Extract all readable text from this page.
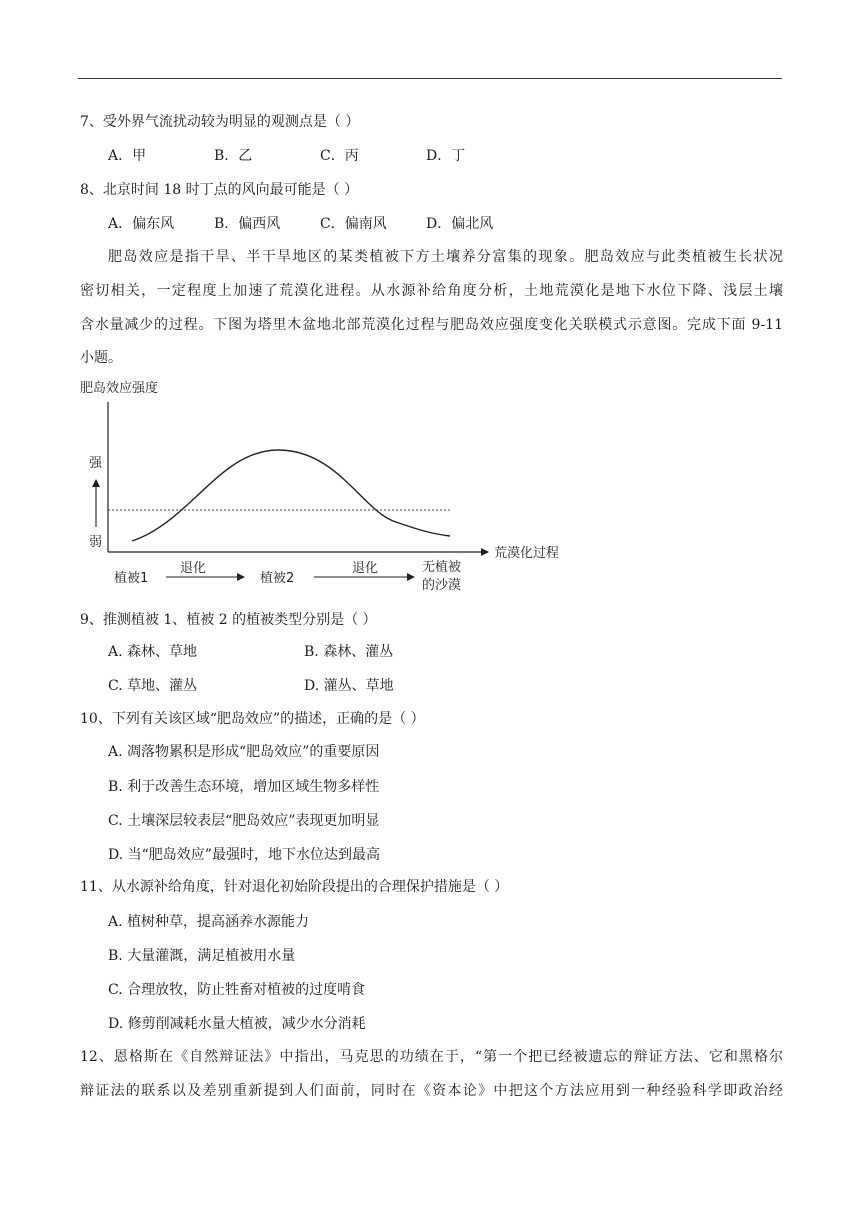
7、受外界气流扰动较为明显的观测点是（ ）
A．甲	B．乙	C．丙	D．丁
8、北京时间 18 时丁点的风向最可能是（ ）
A．偏东风	B．偏西风	C．偏南风	D．偏北风
肥岛效应是指干旱、半干旱地区的某类植被下方土壤养分富集的现象。肥岛效应与此类植被生长状况
密切相关，一定程度上加速了荒漠化进程。从水源补给角度分析，土地荒漠化是地下水位下降、浅层土壤
含水量减少的过程。下图为塔里木盆地北部荒漠化过程与肥岛效应强度变化关联模式示意图。完成下面 9-11
小题。
肥岛效应强度
强
弱
荒漠化过程
植被1
退化
植被2
退化	无植被
的沙漠
9、推测植被 1、植被 2 的植被类型分别是（ ）
A. 森林、草地	B. 森林、灌丛
C. 草地、灌丛	D. 灌丛、草地
10、下列有关该区域“肥岛效应”的描述，正确的是（ ）
A. 凋落物累积是形成“肥岛效应”的重要原因
B. 利于改善生态环境，增加区域生物多样性
C. 土壤深层较表层“肥岛效应”表现更加明显
D. 当“肥岛效应”最强时，地下水位达到最高
11、从水源补给角度，针对退化初始阶段提出的合理保护措施是（ ）
A. 植树种草，提高涵养水源能力
B. 大量灌溉，满足植被用水量
C. 合理放牧，防止牲畜对植被的过度啃食
D. 修剪削减耗水量大植被，减少水分消耗
12、恩格斯在《自然辩证法》中指出，马克思的功绩在于，“第一个把已经被遗忘的辩证方法、它和黑格尔
辩证法的联系以及差别重新提到人们面前，同时在《资本论》中把这个方法应用到一种经验科学即政治经
